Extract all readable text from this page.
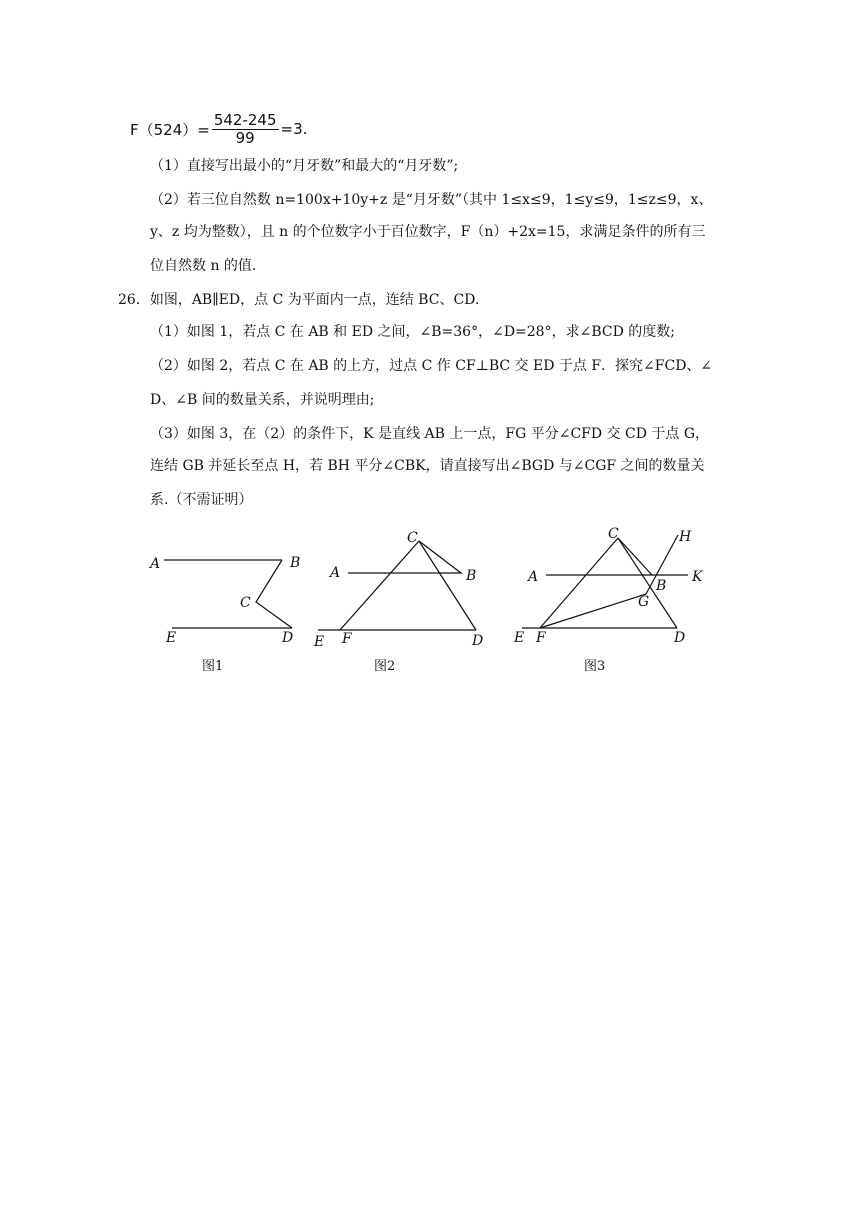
$F(524)= \frac{542-245}{99} =3$.
（1）直接写出最小的“月牙数”和最大的“月牙数”;
（2）若三位自然数 n=100x+10y+z 是“月牙数”（其中 1≤x≤9，1≤y≤9，1≤z≤9，x、
y、z 均为整数），且 n 的个位数字小于百位数字，F（n）+2x=15，求满足条件的所有三
位自然数 n 的值.
26．如图，AB∥ED，点 C 为平面内一点，连结 BC、CD.
（1）如图 1，若点 C 在 AB 和 ED 之间，∠B=36°，∠D=28°，求∠BCD 的度数;
（2）如图 2，若点 C 在 AB 的上方，过点 C 作 CF⊥BC 交 ED 于点 F．探究∠FCD、∠
D、∠B 间的数量关系，并说明理由;
（3）如图 3，在（2）的条件下，K 是直线 AB 上一点，FG 平分∠CFD 交 CD 于点 G，
连结 GB 并延长至点 H，若 BH 平分∠CBK，请直接写出∠BGD 与∠CGF 之间的数量关
系.（不需证明）
A	B
C
E	D
图1
C
A	B
E F	D
图2
C	H
A
B
K
G
E F	D
图3
